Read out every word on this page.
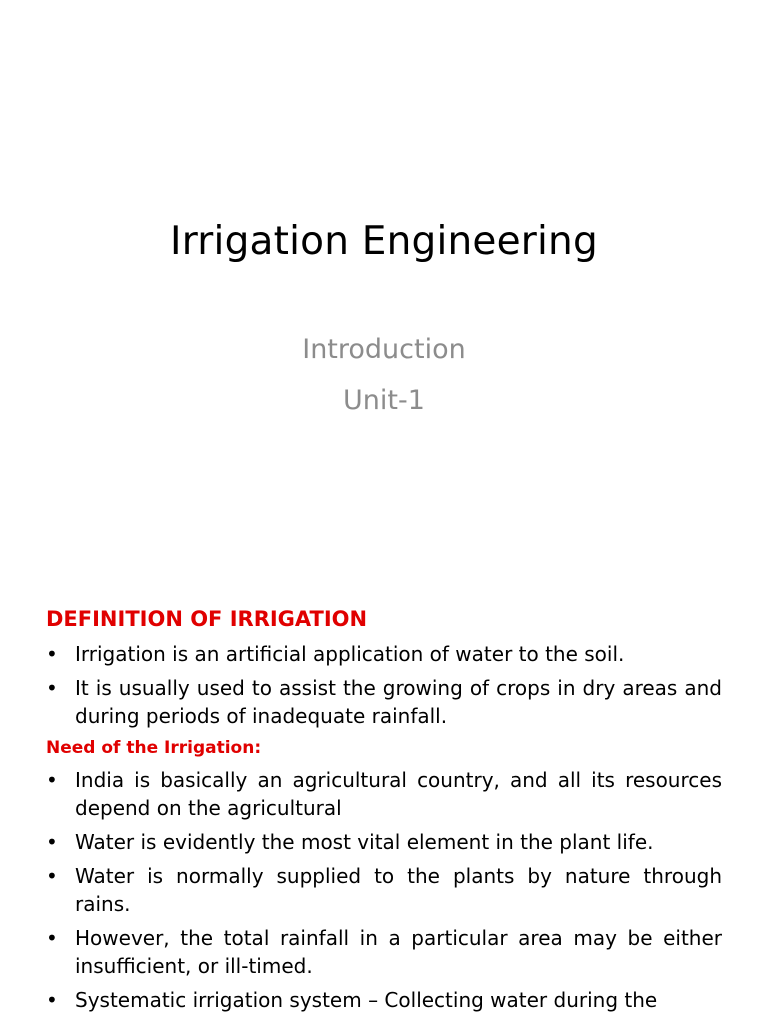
Irrigation Engineering
Introduction
Unit-1
DEFINITION OF IRRIGATION
• Irrigation is an artificial application of water to the soil.
• It is usually used to assist the growing of crops in dry areas and during periods of inadequate rainfall.
Need of the Irrigation:
• India is basically an agricultural country, and all its resources depend on the agricultural
• Water is evidently the most vital element in the plant life.
• Water is normally supplied to the plants by nature through rains.
• However, the total rainfall in a particular area may be either insufficient, or ill-timed.
• Systematic irrigation system – Collecting water during the
